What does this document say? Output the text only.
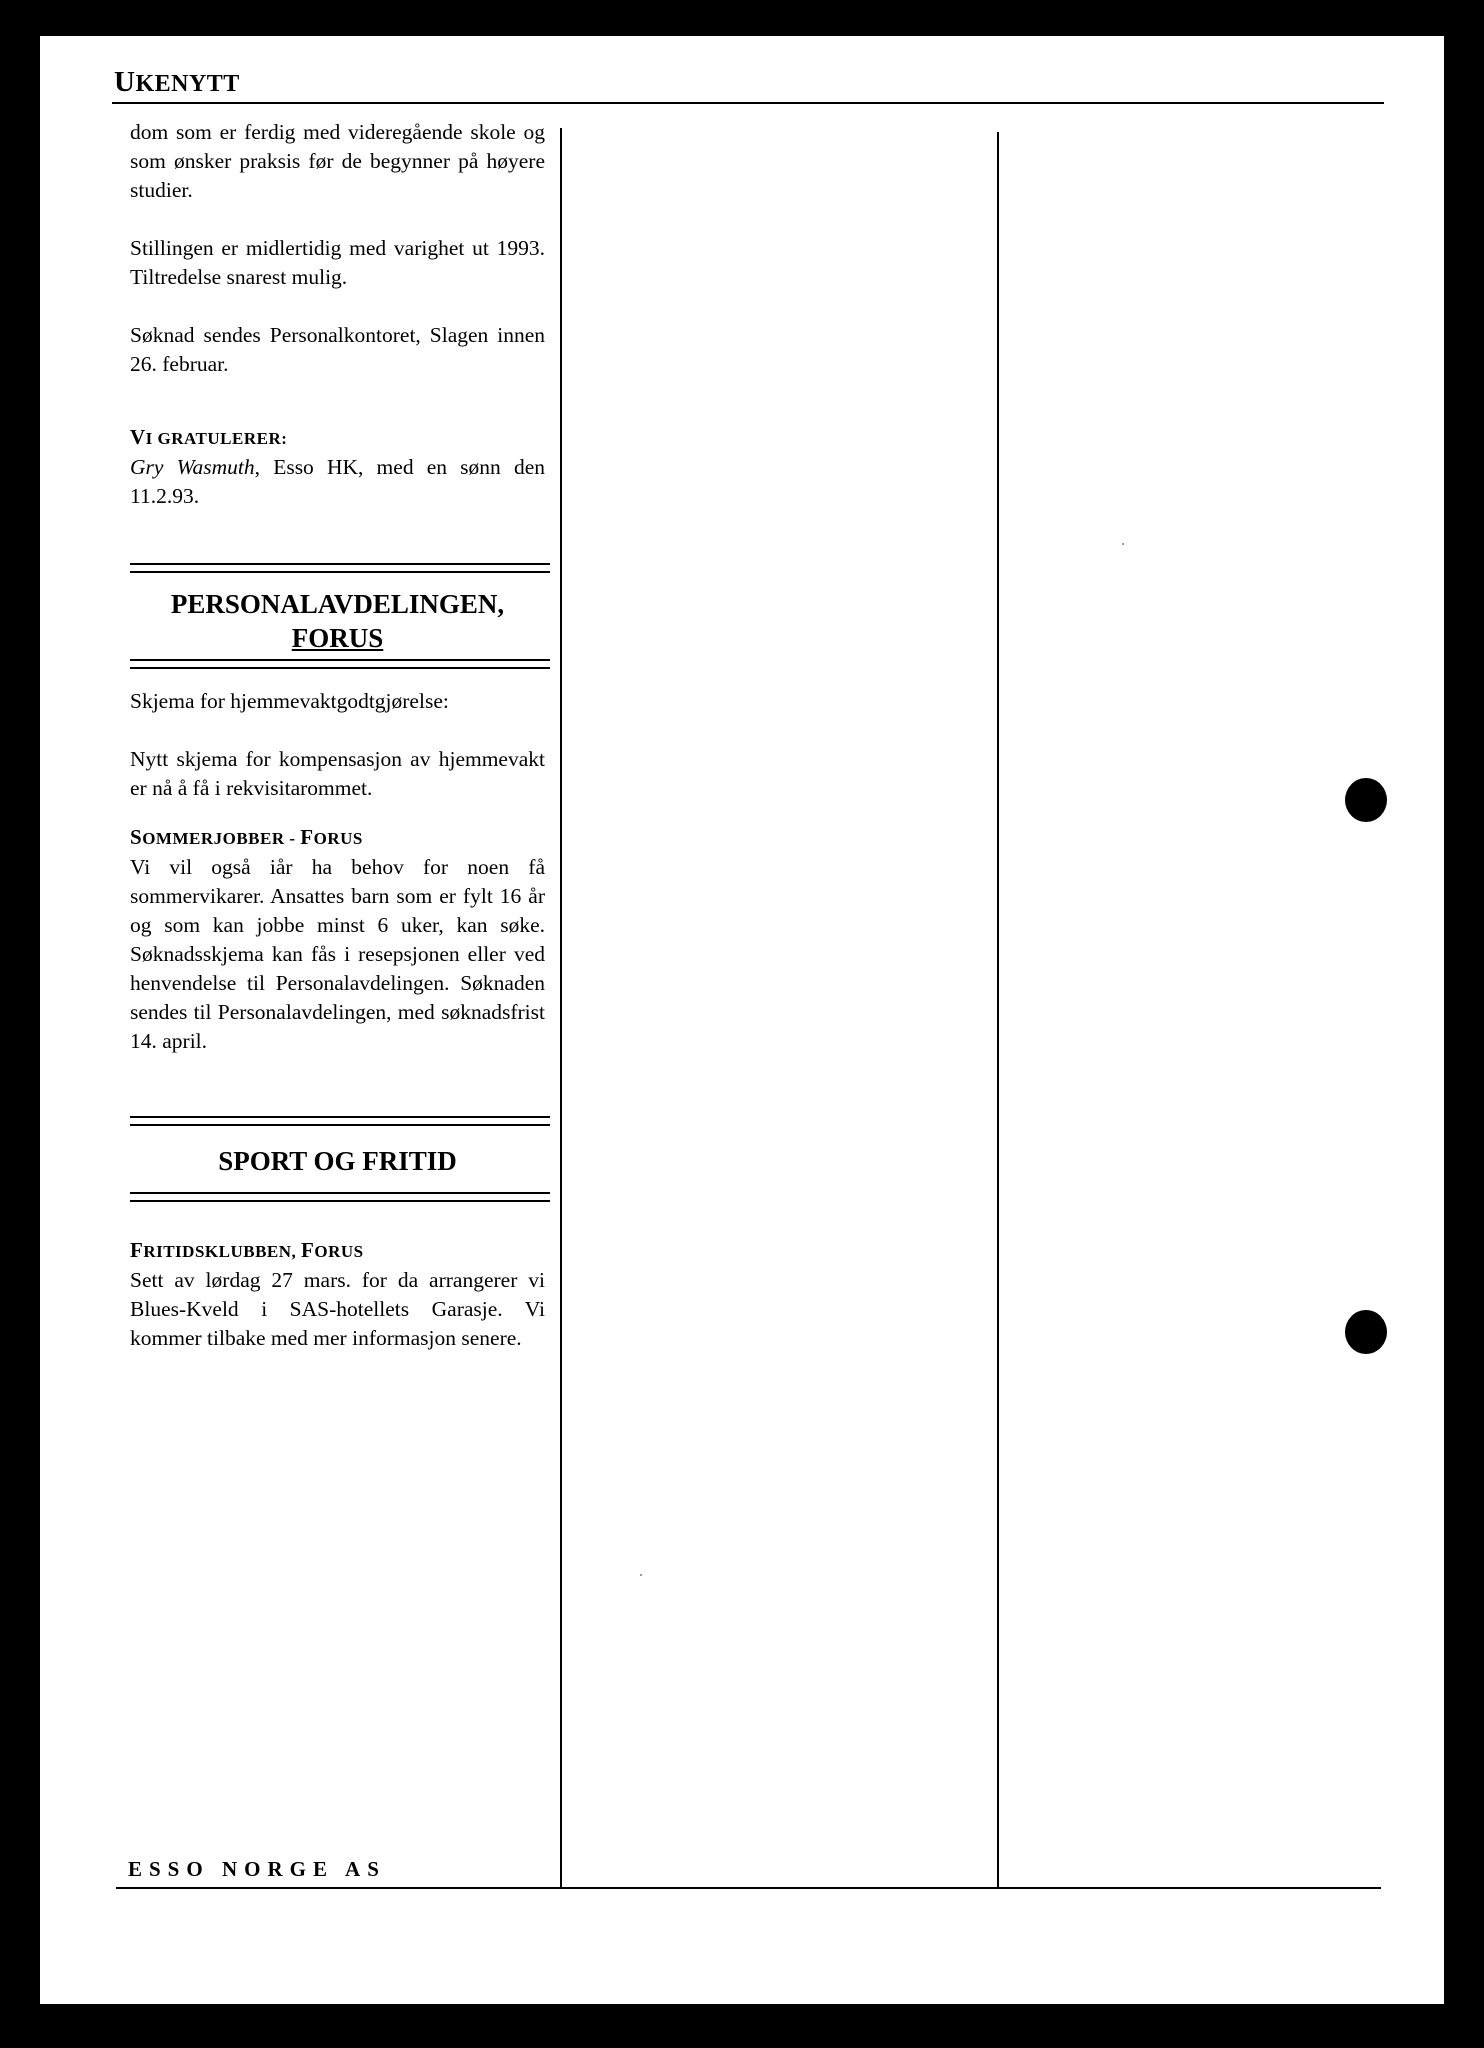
UKENYTT

dom som er ferdig med videregående skole og som ønsker praksis før de begynner på høyere studier.

Stillingen er midlertidig med varighet ut 1993. Tiltredelse snarest mulig.

Søknad sendes Personalkontoret, Slagen innen 26. februar.

VI GRATULERER:

Gry Wasmuth, Esso HK, med en sønn den 11.2.93.

PERSONALAVDELINGEN,
FORUS

Skjema for hjemmevaktgodtgjørelse:

Nytt skjema for kompensasjon av hjemmevakt er nå å få i rekvisitarommet.

SOMMERJOBBER - FORUS

Vi vil også iår ha behov for noen få sommervikarer. Ansattes barn som er fylt 16 år og som kan jobbe minst 6 uker, kan søke. Søknadsskjema kan fås i resepsjonen eller ved henvendelse til Personalavdelingen. Søknaden sendes til Personalavdelingen, med søknadsfrist 14. april.

SPORT OG FRITID
FRITIDSKLUBBEN, FORUS

Sett av lørdag 27 mars. for da arrangerer vi Blues-Kveld i SAS-hotellets Garasje. Vi kommer tilbake med mer informasjon senere.

ESSO NORGE AS
